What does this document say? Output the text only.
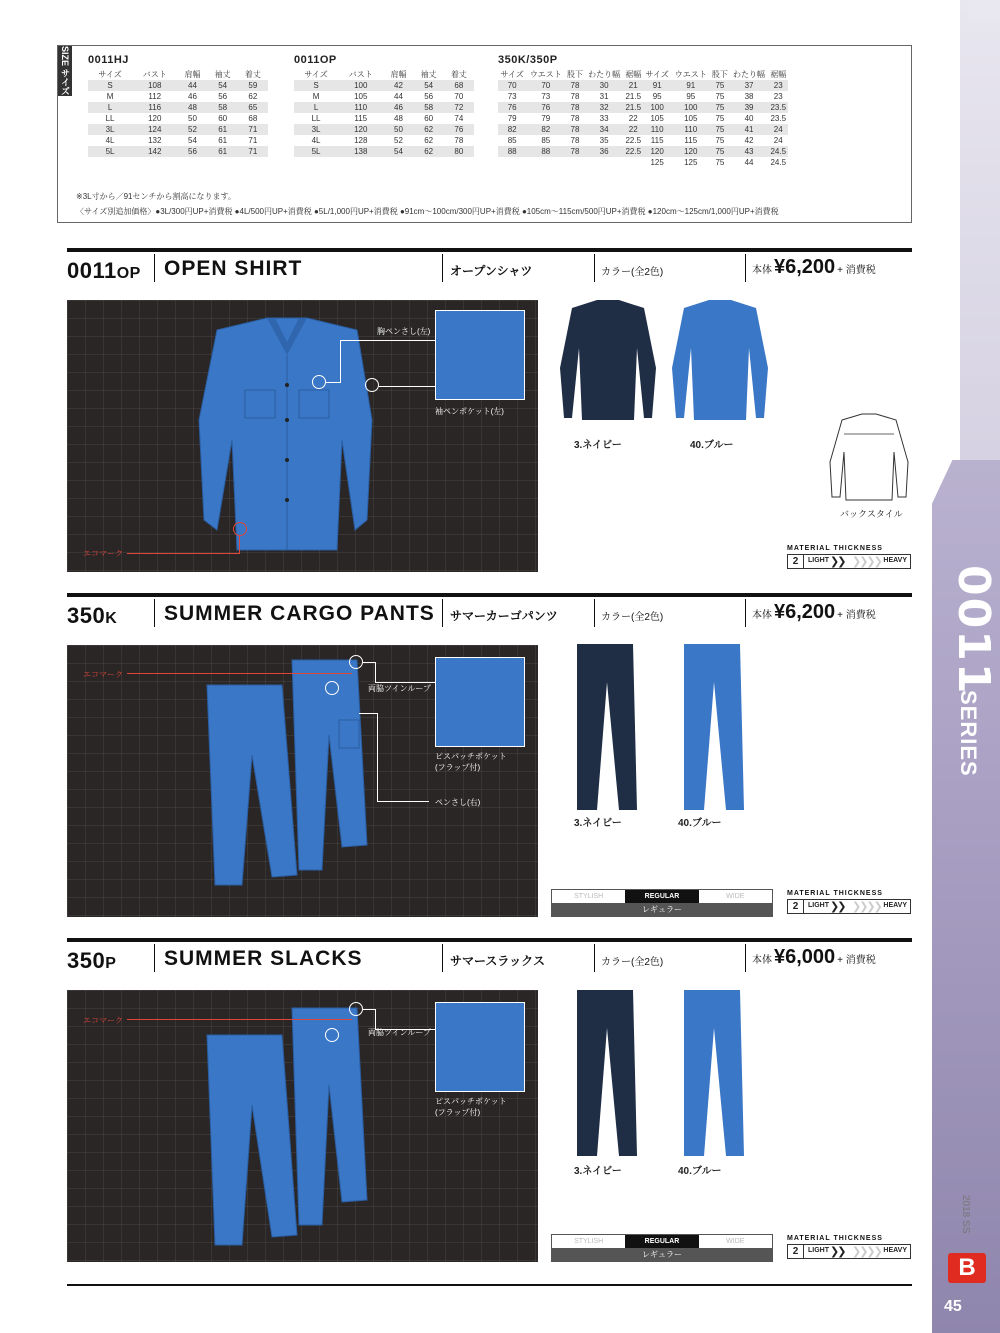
0011
SERIES
2018 SS
B
45
SIZE サイズ 0011HJ
サイズ	バスト	肩幅	袖丈	着丈
S	108	44	54	59
M	112	46	56	62
L	116	48	58	65
LL	120	50	60	68
3L	124	52	61	71
4L	132	54	61	71
5L	142	56	61	71
0011OP
サイズ	バスト	肩幅	袖丈	着丈
S	100	42	54	68
M	105	44	56	70
L	110	46	58	72
LL	115	48	60	74
3L	120	50	62	76
4L	128	52	62	78
5L	138	54	62	80
350K/350P
サイズ	ウエスト	股下	わたり幅	裾幅	サイズ	ウエスト	股下	わたり幅	裾幅
70	70	78	30	21	91	91	75	37	23
73	73	78	31	21.5	95	95	75	38	23
76	76	78	32	21.5	100	100	75	39	23.5
79	79	78	33	22	105	105	75	40	23.5
82	82	78	34	22	110	110	75	41	24
85	85	78	35	22.5	115	115	75	42	24
88	88	78	36	22.5	120	120	75	43	24.5
					125	125	75	44	24.5
※3L寸から／91センチから割高になります。
〈サイズ別追加価格〉●3L/300円UP+消費税 ●4L/500円UP+消費税 ●5L/1,000円UP+消費税 ●91cm〜100cm/300円UP+消費税 ●105cm〜115cm/500円UP+消費税 ●120cm〜125cm/1,000円UP+消費税
0011OP OPEN SHIRT	オープンシャツ	カラー(全2色)	本体 ¥6,200 + 消費税
胸ペンさし(左)
袖ペンポケット(左)
エコマーク
3.ネイビー	40.ブルー
バックスタイル
MATERIAL THICKNESS
2	LIGHT ❯❯ ❯❯❯❯ HEAVY
350K SUMMER CARGO PANTS サマーカーゴパンツ	カラー(全2色)	本体 ¥6,200 + 消費税
エコマーク
両脇ツインループ
ピスパッチポケット
(フラップ付)
ペンさし(右)
3.ネイビー	40.ブルー
STYLISH	REGULAR	WIDE
レギュラー
MATERIAL THICKNESS
2	LIGHT ❯❯ ❯❯❯❯ HEAVY
350P SUMMER SLACKS	サマースラックス	カラー(全2色)	本体 ¥6,000 + 消費税
エコマーク
両脇ツインループ
ピスパッチポケット
(フラップ付)
3.ネイビー	40.ブルー
STYLISH	REGULAR	WIDE
レギュラー
MATERIAL THICKNESS
2	LIGHT ❯❯ ❯❯❯❯ HEAVY
